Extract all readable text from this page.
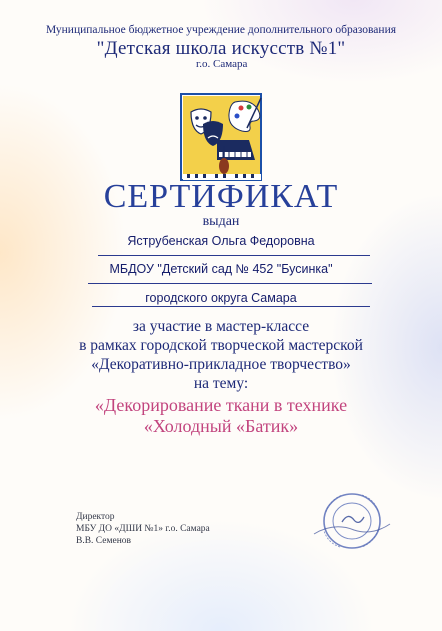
Муниципальное бюджетное учреждение дополнительного образования
"Детская школа искусств №1"
г.о. Самара
СЕРТИФИКАТ
выдан
Яструбенская Ольга Федоровна
МБДОУ "Детский сад № 452 "Бусинка"
городского округа Самара
за участие в мастер-классе
в рамках городской творческой мастерской
«Декоративно-прикладное творчество»
на тему:
«Декорирование ткани в технике
«Холодный «Батик»
Директор
МБУ ДО «ДШИ №1» г.о. Самара
В.В. Семенов
